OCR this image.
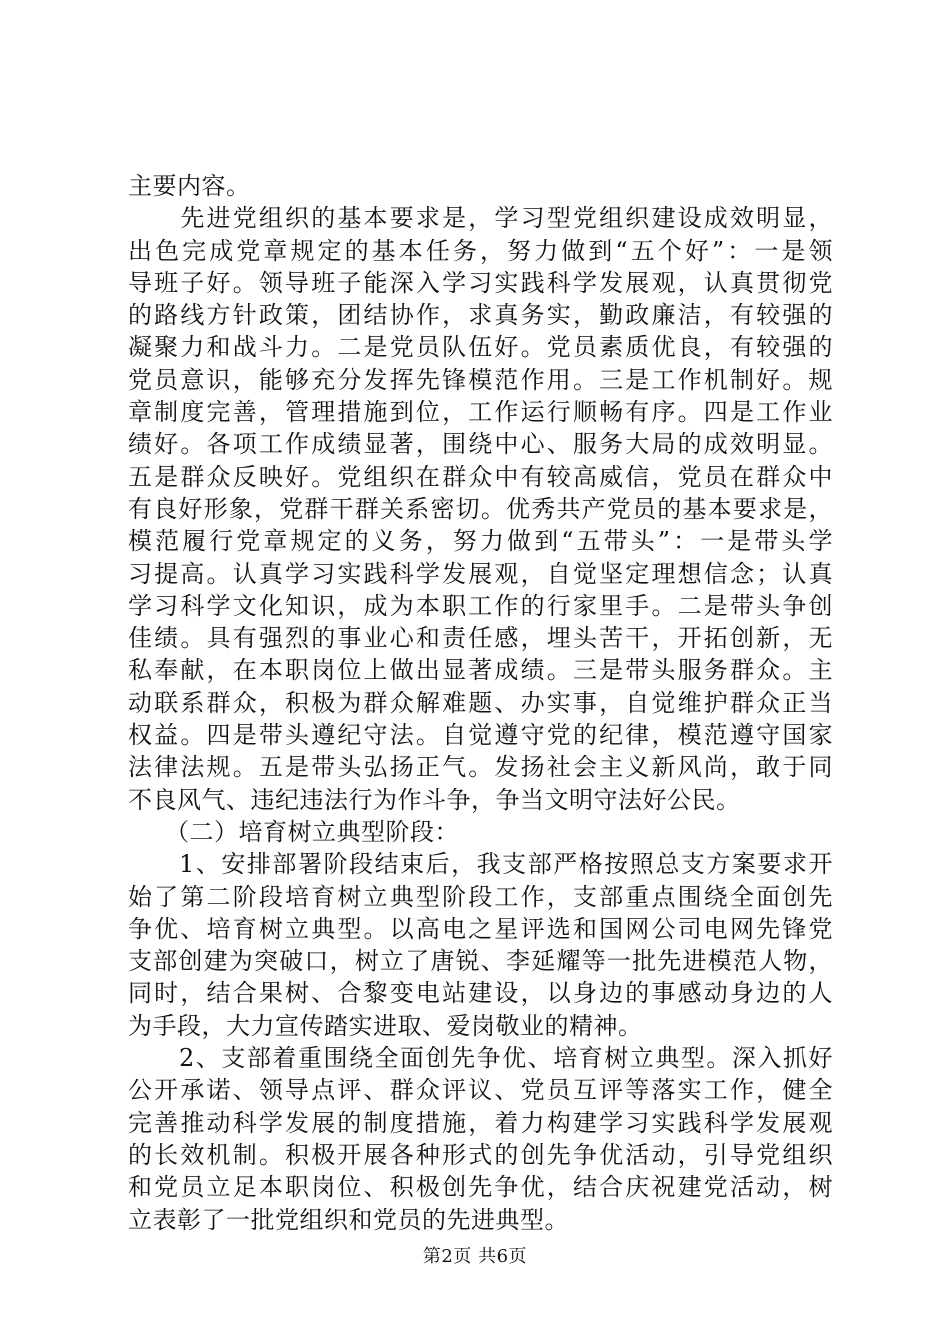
主要内容。
　　先进党组织的基本要求是，学习型党组织建设成效明显，
出色完成党章规定的基本任务，努力做到“五个好”：一是领
导班子好。领导班子能深入学习实践科学发展观，认真贯彻党
的路线方针政策，团结协作，求真务实，勤政廉洁，有较强的
凝聚力和战斗力。二是党员队伍好。党员素质优良，有较强的
党员意识，能够充分发挥先锋模范作用。三是工作机制好。规
章制度完善，管理措施到位，工作运行顺畅有序。四是工作业
绩好。各项工作成绩显著，围绕中心、服务大局的成效明显。
五是群众反映好。党组织在群众中有较高威信，党员在群众中
有良好形象，党群干群关系密切。优秀共产党员的基本要求是，
模范履行党章规定的义务，努力做到“五带头”：一是带头学
习提高。认真学习实践科学发展观，自觉坚定理想信念；认真
学习科学文化知识，成为本职工作的行家里手。二是带头争创
佳绩。具有强烈的事业心和责任感，埋头苦干，开拓创新，无
私奉献，在本职岗位上做出显著成绩。三是带头服务群众。主
动联系群众，积极为群众解难题、办实事，自觉维护群众正当
权益。四是带头遵纪守法。自觉遵守党的纪律，模范遵守国家
法律法规。五是带头弘扬正气。发扬社会主义新风尚，敢于同
不良风气、违纪违法行为作斗争，争当文明守法好公民。
　　（二）培育树立典型阶段：
　　1、安排部署阶段结束后，我支部严格按照总支方案要求开
始了第二阶段培育树立典型阶段工作，支部重点围绕全面创先
争优、培育树立典型。以高电之星评选和国网公司电网先锋党
支部创建为突破口，树立了唐锐、李延耀等一批先进模范人物，
同时，结合果树、合黎变电站建设，以身边的事感动身边的人
为手段，大力宣传踏实进取、爱岗敬业的精神。
　　2、支部着重围绕全面创先争优、培育树立典型。深入抓好
公开承诺、领导点评、群众评议、党员互评等落实工作，健全
完善推动科学发展的制度措施，着力构建学习实践科学发展观
的长效机制。积极开展各种形式的创先争优活动，引导党组织
和党员立足本职岗位、积极创先争优，结合庆祝建党活动，树
立表彰了一批党组织和党员的先进典型。
第2页 共6页
